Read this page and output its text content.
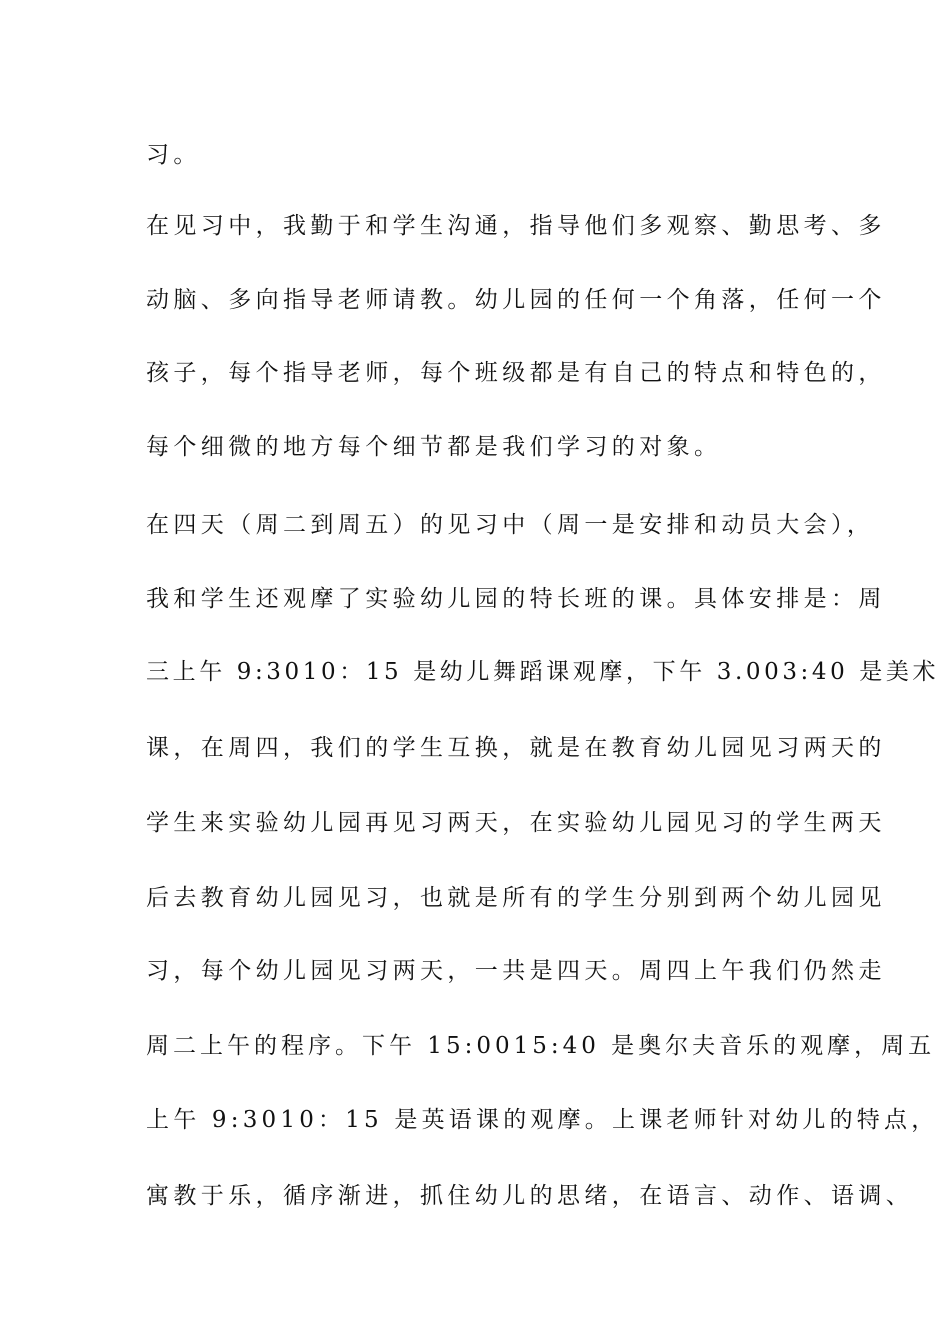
习。
在见习中，我勤于和学生沟通，指导他们多观察、勤思考、多
动脑、多向指导老师请教。幼儿园的任何一个角落，任何一个
孩子，每个指导老师，每个班级都是有自己的特点和特色的，
每个细微的地方每个细节都是我们学习的对象。
在四天（周二到周五）的见习中（周一是安排和动员大会），
我和学生还观摩了实验幼儿园的特长班的课。具体安排是：周
三上午 9:3010：15 是幼儿舞蹈课观摩，下午 3.003:40 是美术
课，在周四，我们的学生互换，就是在教育幼儿园见习两天的
学生来实验幼儿园再见习两天，在实验幼儿园见习的学生两天
后去教育幼儿园见习，也就是所有的学生分别到两个幼儿园见
习，每个幼儿园见习两天，一共是四天。周四上午我们仍然走
周二上午的程序。下午 15:0015:40 是奥尔夫音乐的观摩，周五
上午 9:3010：15 是英语课的观摩。上课老师针对幼儿的特点，
寓教于乐，循序渐进，抓住幼儿的思绪，在语言、动作、语调、
